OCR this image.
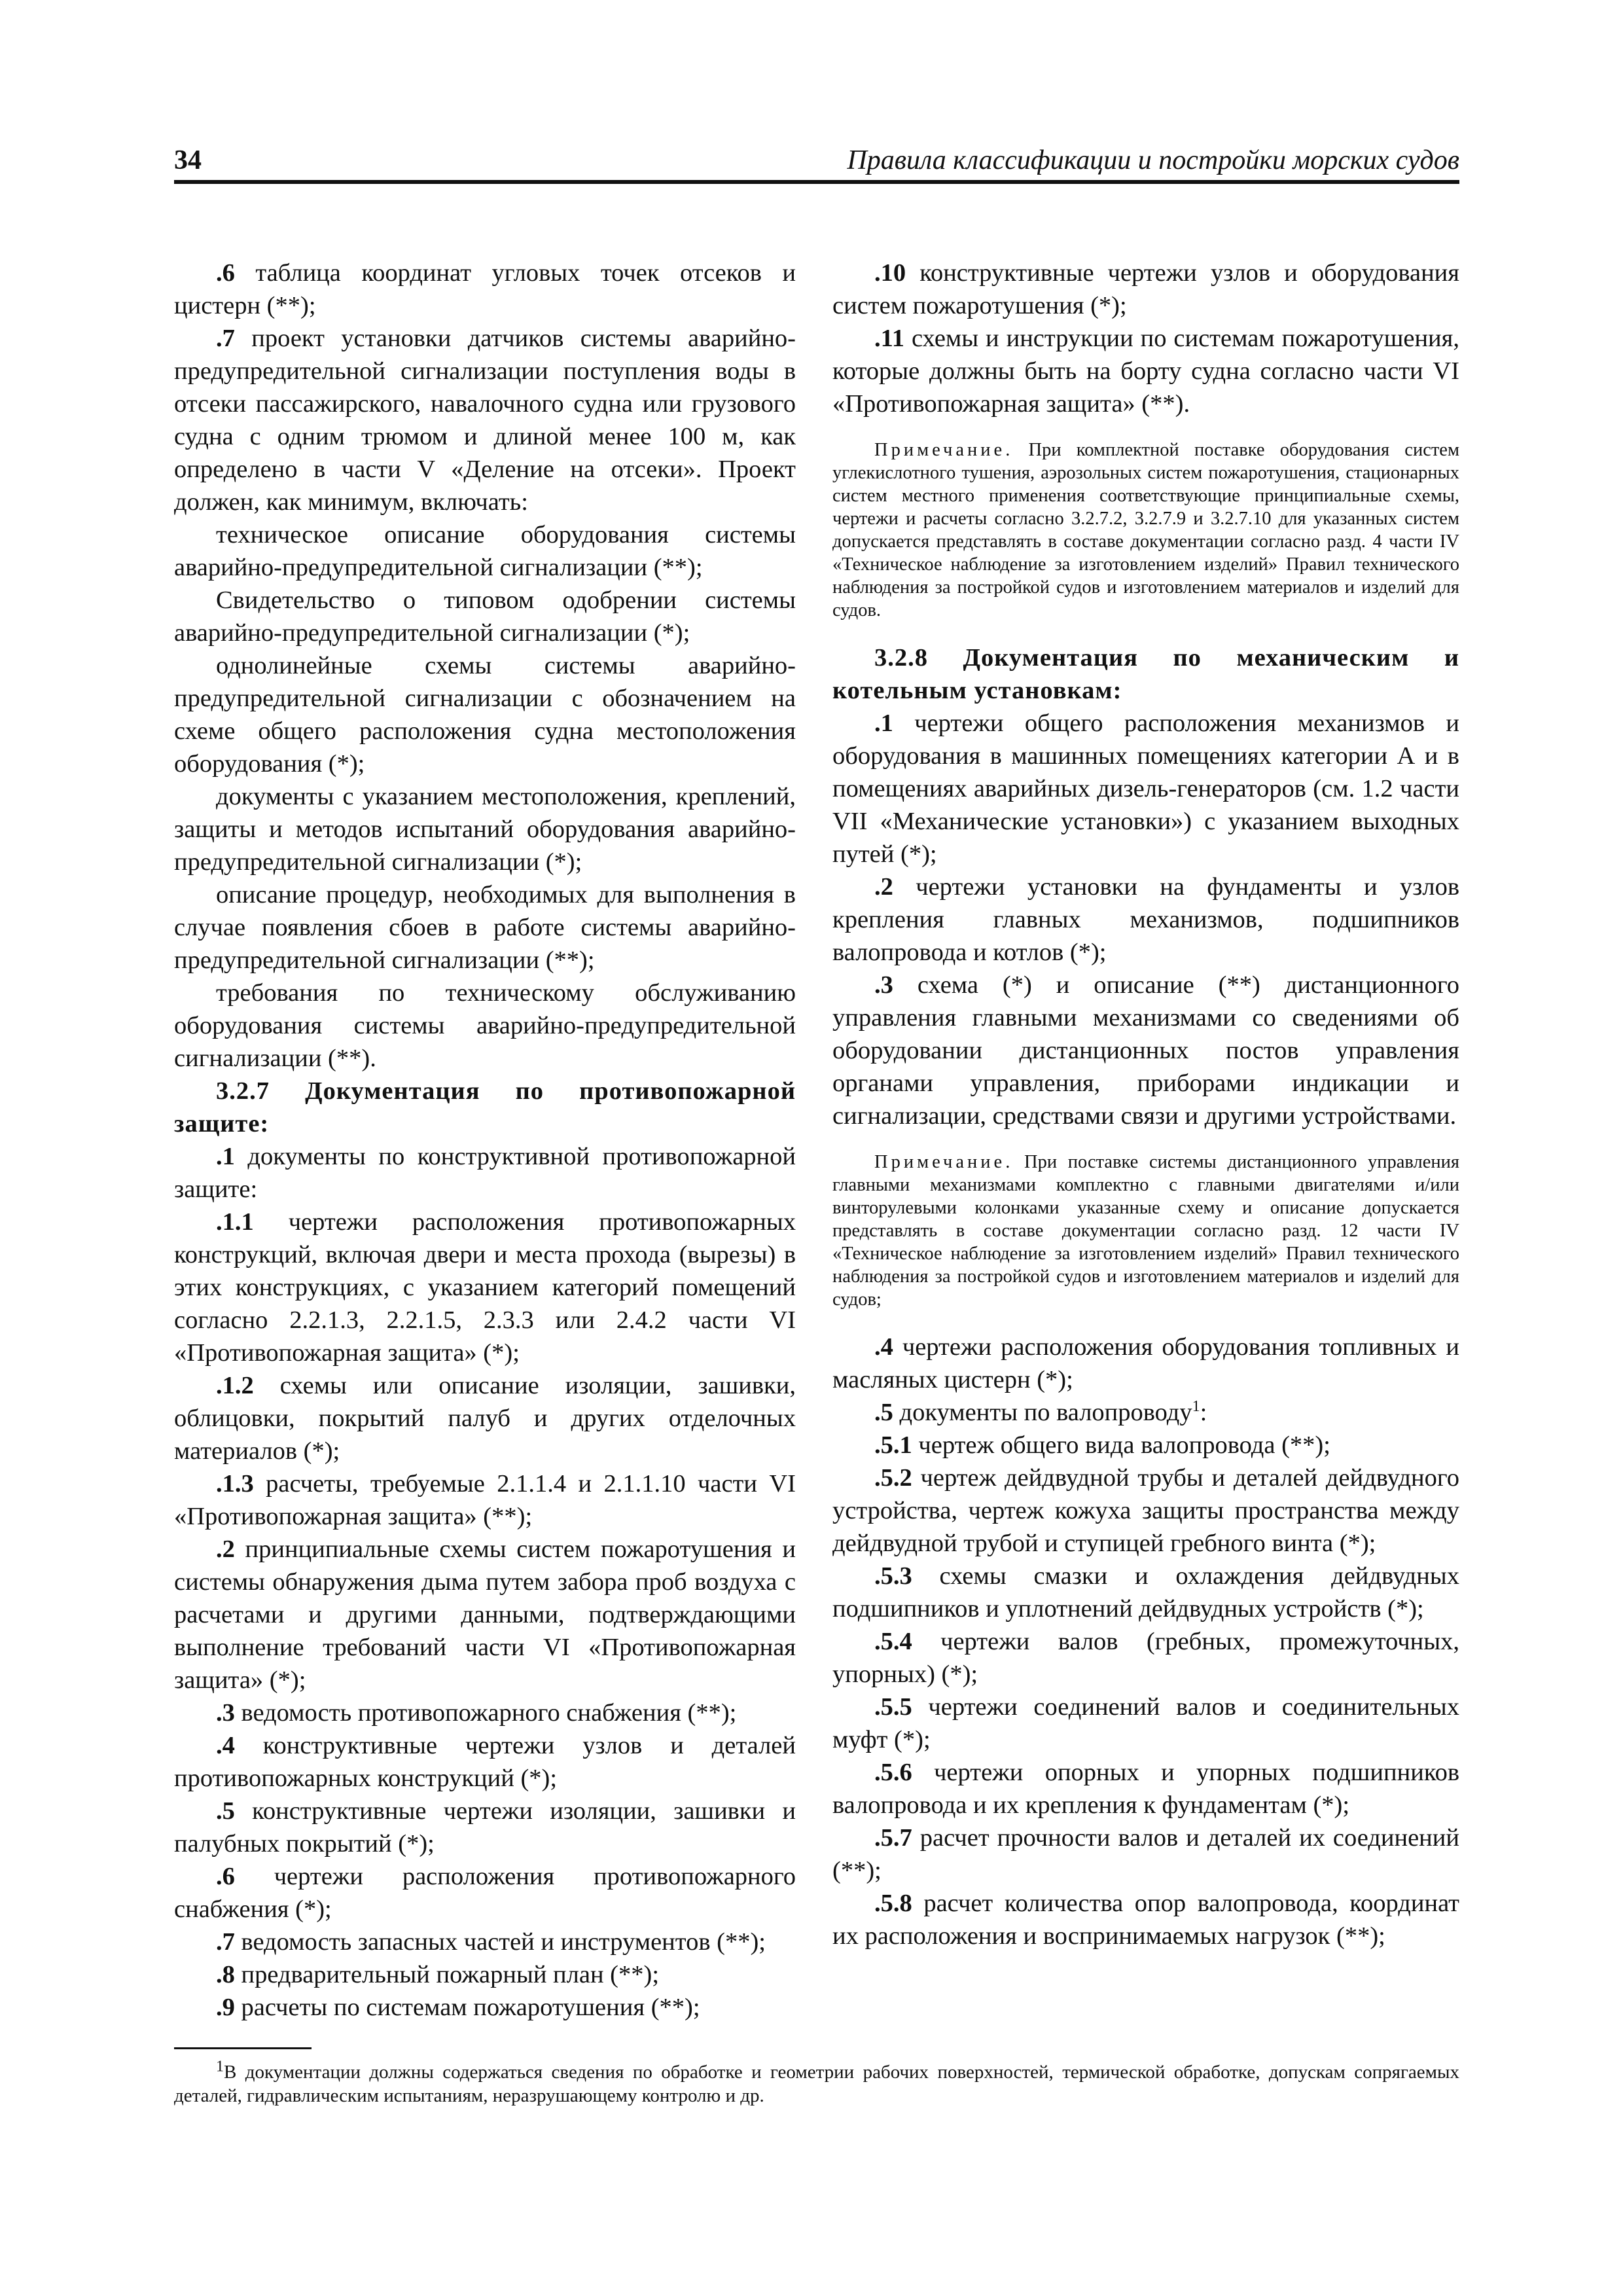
34	Правила классификации и постройки морских судов

.6 таблица координат угловых точек отсеков и цистерн (**);

.7 проект установки датчиков системы аварийно-предупредительной сигнализации поступления воды в отсеки пассажирского, навалочного судна или грузового судна с одним трюмом и длиной менее 100 м, как определено в части V «Деление на отсеки». Проект должен, как минимум, включать:

техническое описание оборудования системы аварийно-предупредительной сигнализации (**);

Свидетельство о типовом одобрении системы аварийно-предупредительной сигнализации (*);

однолинейные схемы системы аварийно-предупредительной сигнализации с обозначением на схеме общего расположения судна местоположения оборудования (*);

документы с указанием местоположения, креплений, защиты и методов испытаний оборудования аварийно-предупредительной сигнализации (*);

описание процедур, необходимых для выполнения в случае появления сбоев в работе системы аварийно-предупредительной сигнализации (**);

требования по техническому обслуживанию оборудования системы аварийно-предупредительной сигнализации (**).

3.2.7 Документация по противопожарной защите:

.1 документы по конструктивной противопожарной защите:

.1.1 чертежи расположения противопожарных конструкций, включая двери и места прохода (вырезы) в этих конструкциях, с указанием категорий помещений согласно 2.2.1.3, 2.2.1.5, 2.3.3 или 2.4.2 части VI «Противопожарная защита» (*);

.1.2 схемы или описание изоляции, зашивки, облицовки, покрытий палуб и других отделочных материалов (*);

.1.3 расчеты, требуемые 2.1.1.4 и 2.1.1.10 части VI «Противопожарная защита» (**);

.2 принципиальные схемы систем пожаротушения и системы обнаружения дыма путем забора проб воздуха с расчетами и другими данными, подтверждающими выполнение требований части VI «Противопожарная защита» (*);

.3 ведомость противопожарного снабжения (**);

.4 конструктивные чертежи узлов и деталей противопожарных конструкций (*);

.5 конструктивные чертежи изоляции, зашивки и палубных покрытий (*);

.6 чертежи расположения противопожарного снабжения (*);

.7 ведомость запасных частей и инструментов (**);

.8 предварительный пожарный план (**);

.9 расчеты по системам пожаротушения (**);

.10 конструктивные чертежи узлов и оборудования систем пожаротушения (*);

.11 схемы и инструкции по системам пожаротушения, которые должны быть на борту судна согласно части VI «Противопожарная защита» (**).

Примечание. При комплектной поставке оборудования систем углекислотного тушения, аэрозольных систем пожаротушения, стационарных систем местного применения соответствующие принципиальные схемы, чертежи и расчеты согласно 3.2.7.2, 3.2.7.9 и 3.2.7.10 для указанных систем допускается представлять в составе документации согласно разд. 4 части IV «Техническое наблюдение за изготовлением изделий» Правил технического наблюдения за постройкой судов и изготовлением материалов и изделий для судов.

3.2.8 Документация по механическим и котельным установкам:

.1 чертежи общего расположения механизмов и оборудования в машинных помещениях категории А и в помещениях аварийных дизель-генераторов (см. 1.2 части VII «Механические установки») с указанием выходных путей (*);

.2 чертежи установки на фундаменты и узлов крепления главных механизмов, подшипников валопровода и котлов (*);

.3 схема (*) и описание (**) дистанционного управления главными механизмами со сведениями об оборудовании дистанционных постов управления органами управления, приборами индикации и сигнализации, средствами связи и другими устройствами.

Примечание. При поставке системы дистанционного управления главными механизмами комплектно с главными двигателями и/или винторулевыми колонками указанные схему и описание допускается представлять в составе документации согласно разд. 12 части IV «Техническое наблюдение за изготовлением изделий» Правил технического наблюдения за постройкой судов и изготовлением материалов и изделий для судов;

.4 чертежи расположения оборудования топливных и масляных цистерн (*);

.5 документы по валопроводу$^1$:

.5.1 чертеж общего вида валопровода (**);

.5.2 чертеж дейдвудной трубы и деталей дейдвудного устройства, чертеж кожуха защиты пространства между дейдвудной трубой и ступицей гребного винта (*);

.5.3 схемы смазки и охлаждения дейдвудных подшипников и уплотнений дейдвудных устройств (*);

.5.4 чертежи валов (гребных, промежуточных, упорных) (*);

.5.5 чертежи соединений валов и соединительных муфт (*);

.5.6 чертежи опорных и упорных подшипников валопровода и их крепления к фундаментам (*);

.5.7 расчет прочности валов и деталей их соединений (**);

.5.8 расчет количества опор валопровода, координат их расположения и воспринимаемых нагрузок (**);

$^1$В документации должны содержаться сведения по обработке и геометрии рабочих поверхностей, термической обработке, допускам сопрягаемых деталей, гидравлическим испытаниям, неразрушающему контролю и др.
